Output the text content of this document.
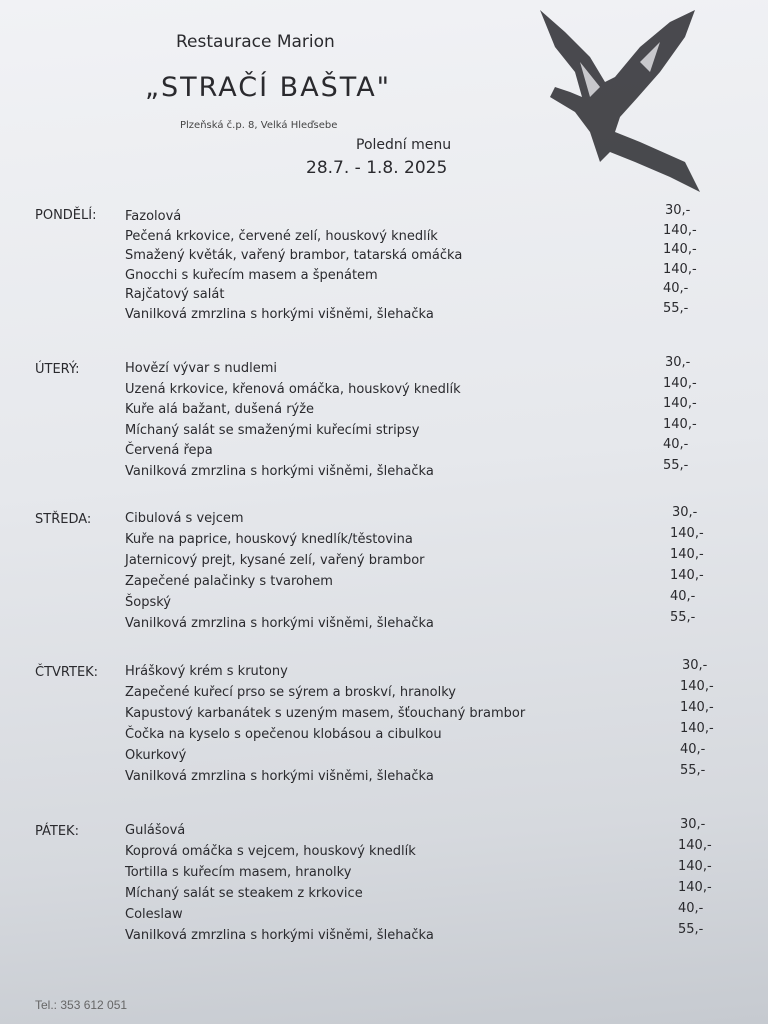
Restaurace Marion
„STRAČÍ BAŠTA"
Plzeňská č.p. 8, Velká Hleďsebe
Polední menu
28.7. - 1.8. 2025
PONDĚLÍ: Fazolová	30,-
Pečená krkovice, červené zelí, houskový knedlík	140,-
Smažený květák, vařený brambor, tatarská omáčka	140,-
Gnocchi s kuřecím masem a špenátem	140,-
Rajčatový salát	40,-
Vanilková zmrzlina s horkými višněmi, šlehačka	55,-
ÚTERÝ:	Hovězí vývar s nudlemi	30,-
Uzená krkovice, křenová omáčka, houskový knedlík	140,-
Kuře alá bažant, dušená rýže	140,-
Míchaný salát se smaženými kuřecími stripsy	140,-
Červená řepa	40,-
Vanilková zmrzlina s horkými višněmi, šlehačka	55,-
STŘEDA:	Cibulová s vejcem	30,-
Kuře na paprice, houskový knedlík/těstovina	140,-
Jaternicový prejt, kysané zelí, vařený brambor	140,-
Zapečené palačinky s tvarohem	140,-
Šopský	40,-
Vanilková zmrzlina s horkými višněmi, šlehačka	55,-
ČTVRTEK: Hráškový krém s krutony	30,-
Zapečené kuřecí prso se sýrem a broskví, hranolky	140,-
Kapustový karbanátek s uzeným masem, šťouchaný brambor	140,-
Čočka na kyselo s opečenou klobásou a cibulkou	140,-
Okurkový	40,-
Vanilková zmrzlina s horkými višněmi, šlehačka	55,-
PÁTEK:	Gulášová	30,-
Koprová omáčka s vejcem, houskový knedlík	140,-
Tortilla s kuřecím masem, hranolky	140,-
Míchaný salát se steakem z krkovice	140,-
Coleslaw	40,-
Vanilková zmrzlina s horkými višněmi, šlehačka	55,-
Tel.: 353 612 051
